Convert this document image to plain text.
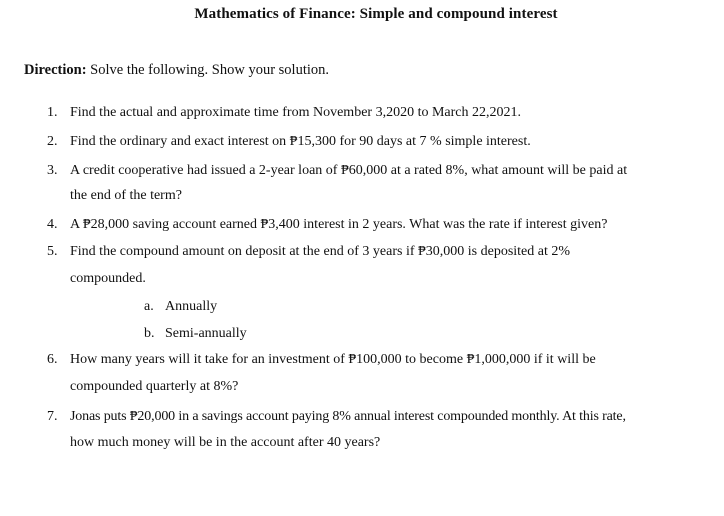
Mathematics of Finance: Simple and compound interest
Direction: Solve the following. Show your solution.
1. Find the actual and approximate time from November 3,2020 to March 22,2021.
2. Find the ordinary and exact interest on ₱15,300 for 90 days at 7 % simple interest.
3. A credit cooperative had issued a 2-year loan of ₱60,000 at a rated 8%, what amount will be paid at
the end of the term?
4. A ₱28,000 saving account earned ₱3,400 interest in 2 years. What was the rate if interest given?
5. Find the compound amount on deposit at the end of 3 years if ₱30,000 is deposited at 2%
compounded.
a. Annually
b. Semi-annually
6. How many years will it take for an investment of ₱100,000 to become ₱1,000,000 if it will be
compounded quarterly at 8%?
7. Jonas puts ₱20,000 in a savings account paying 8% annual interest compounded monthly. At this rate,
how much money will be in the account after 40 years?
